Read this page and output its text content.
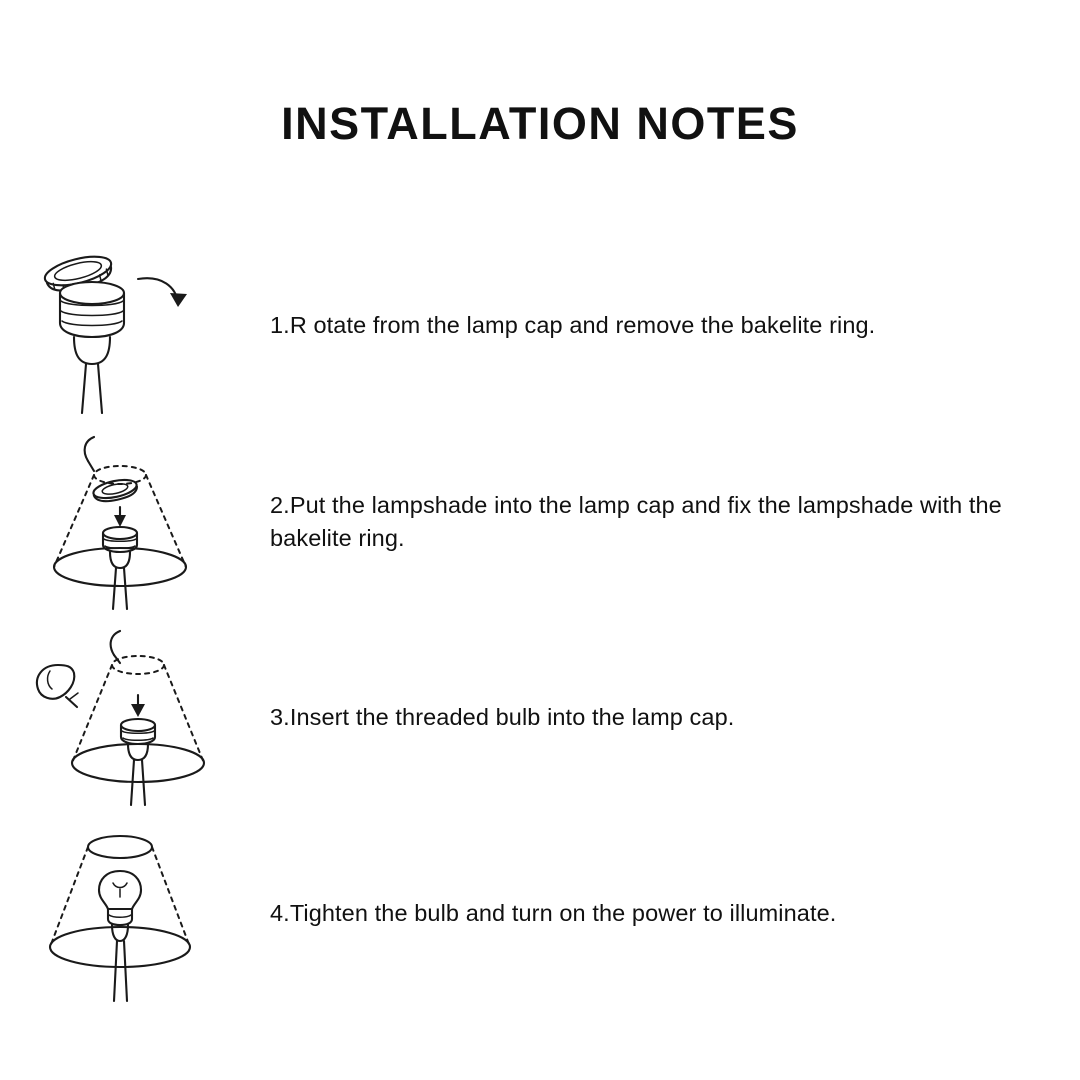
INSTALLATION NOTES
1.R otate from the lamp cap and remove the bakelite ring.
2.Put the lampshade into the lamp cap and fix the lampshade with the bakelite ring.
3.Insert the threaded bulb into the lamp cap.
4.Tighten the bulb and turn on the power to illuminate.
